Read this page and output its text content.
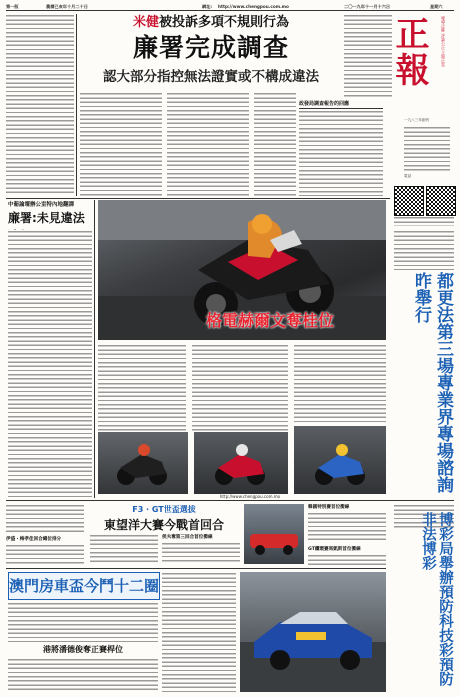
第一版	農曆己亥年十月二十日	網址: http://www.chengpou.com.mo	二〇一九年十一月十六日	星期六
米健被投訴多項不規則行為
廉署完成調查
認大部分指控無法證實或不構成違法
政發局調查報告的回應
正報	報導正確 評論公正 立場正直
一九八三年創刊
電話
中葡論壇辦公室特內地翻譯
廉署:未見違法
格電赫爾文奪桂位	都更法第三場專業界專場諮詢昨舉行
http://www.chengpou.com.mo
伊盛・梅孝佳回合總位排分
F3 · GT世盃選拔
東望洋大賽今戰首回合
侯夫奪第三回合首位衝線
韓國特別賽首位衝線
GT鑽環賽馬凱斯首位衝線	博彩局舉辦預防科技彩預防非法博彩
澳門房車盃今鬥十二圈
港將潘德俊奪正賽桿位
